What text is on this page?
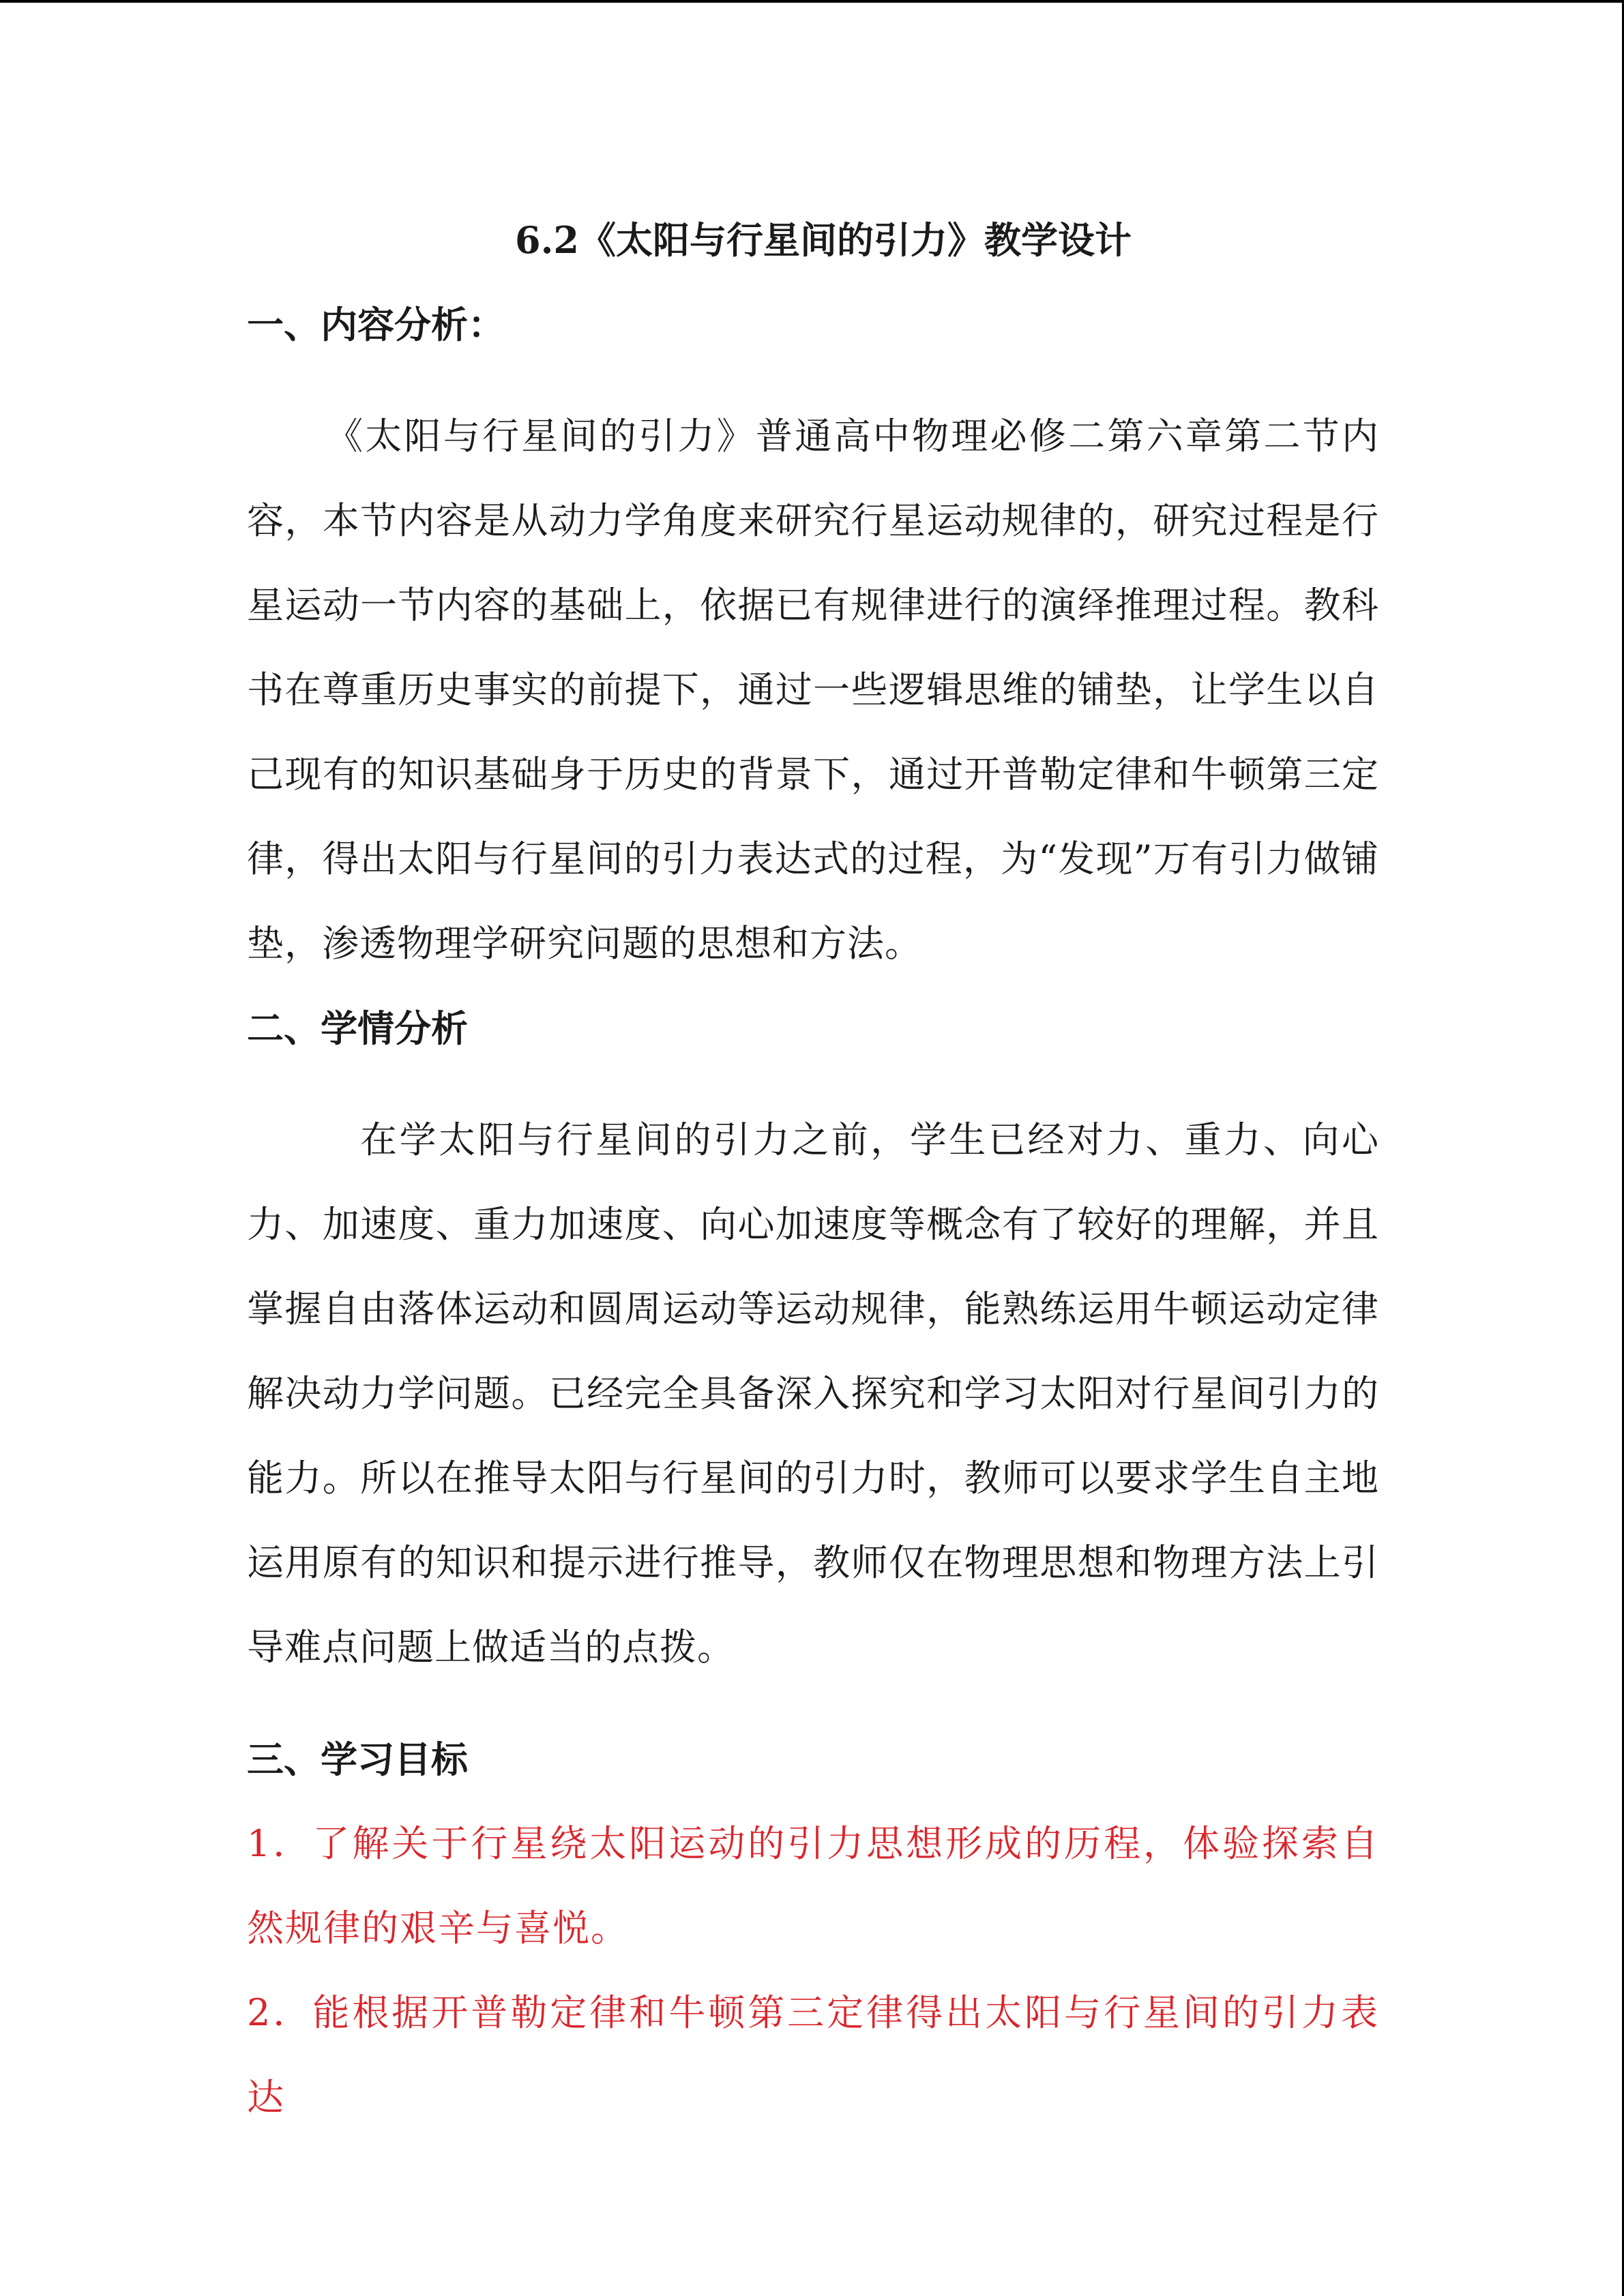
6.2《太阳与行星间的引力》教学设计
一、内容分析：

《太阳与行星间的引力》普通高中物理必修二第六章第二节内容，本节内容是从动力学角度来研究行星运动规律的，研究过程是行星运动一节内容的基础上，依据已有规律进行的演绎推理过程。教科书在尊重历史事实的前提下，通过一些逻辑思维的铺垫，让学生以自己现有的知识基础身于历史的背景下，通过开普勒定律和牛顿第三定律，得出太阳与行星间的引力表达式的过程，为“发现”万有引力做铺垫，渗透物理学研究问题的思想和方法。

二、学情分析

在学太阳与行星间的引力之前，学生已经对力、重力、向心力、加速度、重力加速度、向心加速度等概念有了较好的理解，并且掌握自由落体运动和圆周运动等运动规律，能熟练运用牛顿运动定律解决动力学问题。已经完全具备深入探究和学习太阳对行星间引力的能力。所以在推导太阳与行星间的引力时，教师可以要求学生自主地运用原有的知识和提示进行推导，教师仅在物理思想和物理方法上引导难点问题上做适当的点拨。

三、学习目标

1．了解关于行星绕太阳运动的引力思想形成的历程，体验探索自然规律的艰辛与喜悦。

2．能根据开普勒定律和牛顿第三定律得出太阳与行星间的引力表达
